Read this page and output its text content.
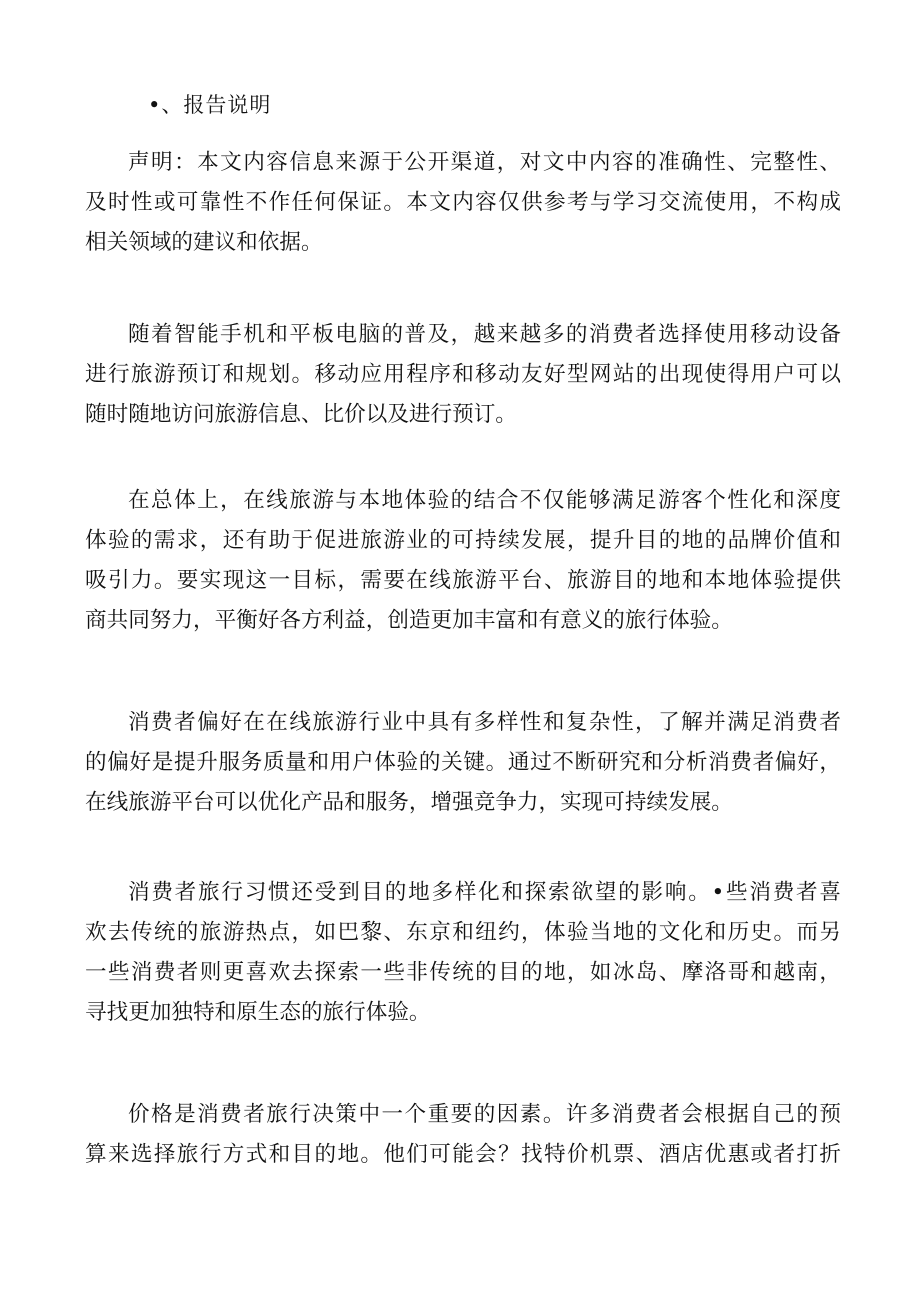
•、报告说明
声明：本文内容信息来源于公开渠道，对文中内容的准确性、完整性、
及时性或可靠性不作任何保证。本文内容仅供参考与学习交流使用，不构成
相关领域的建议和依据。
随着智能手机和平板电脑的普及，越来越多的消费者选择使用移动设备
进行旅游预订和规划。移动应用程序和移动友好型网站的出现使得用户可以
随时随地访问旅游信息、比价以及进行预订。
在总体上，在线旅游与本地体验的结合不仅能够满足游客个性化和深度
体验的需求，还有助于促进旅游业的可持续发展，提升目的地的品牌价值和
吸引力。要实现这一目标，需要在线旅游平台、旅游目的地和本地体验提供
商共同努力，平衡好各方利益，创造更加丰富和有意义的旅行体验。
消费者偏好在在线旅游行业中具有多样性和复杂性，了解并满足消费者
的偏好是提升服务质量和用户体验的关键。通过不断研究和分析消费者偏好，
在线旅游平台可以优化产品和服务，增强竞争力，实现可持续发展。
消费者旅行习惯还受到目的地多样化和探索欲望的影响。•些消费者喜
欢去传统的旅游热点，如巴黎、东京和纽约，体验当地的文化和历史。而另
一些消费者则更喜欢去探索一些非传统的目的地，如冰岛、摩洛哥和越南，
寻找更加独特和原生态的旅行体验。
价格是消费者旅行决策中一个重要的因素。许多消费者会根据自己的预
算来选择旅行方式和目的地。他们可能会？找特价机票、酒店优惠或者打折
